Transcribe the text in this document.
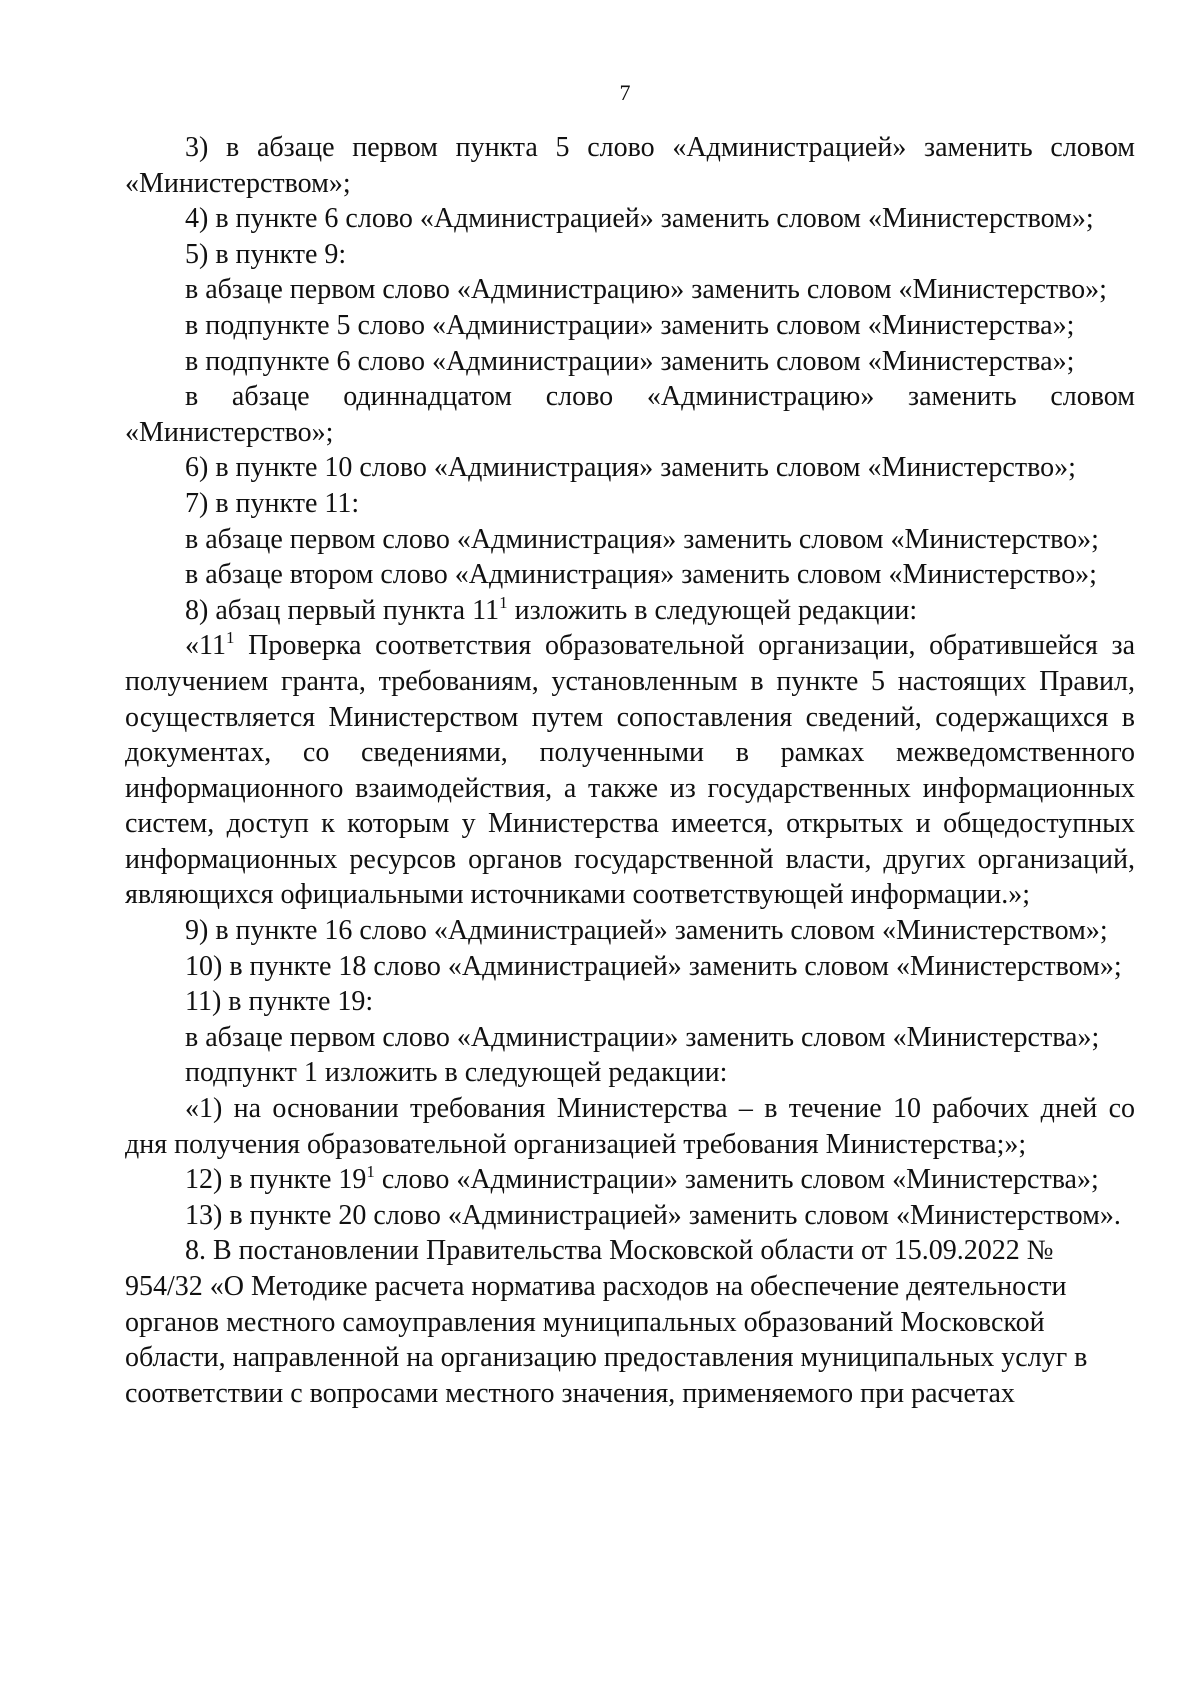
7

3) в абзаце первом пункта 5 слово «Администрацией» заменить словом «Министерством»;

4) в пункте 6 слово «Администрацией» заменить словом «Министерством»;

5) в пункте 9:

в абзаце первом слово «Администрацию» заменить словом «Министерство»;

в подпункте 5 слово «Администрации» заменить словом «Министерства»;

в подпункте 6 слово «Администрации» заменить словом «Министерства»;

в абзаце одиннадцатом слово «Администрацию» заменить словом «Министерство»;

6) в пункте 10 слово «Администрация» заменить словом «Министерство»;

7) в пункте 11:

в абзаце первом слово «Администрация» заменить словом «Министерство»;

в абзаце втором слово «Администрация» заменить словом «Министерство»;

8) абзац первый пункта $11^1$ изложить в следующей редакции:

«$11^1$ Проверка соответствия образовательной организации, обратившейся за получением гранта, требованиям, установленным в пункте 5 настоящих Правил, осуществляется Министерством путем сопоставления сведений, содержащихся в документах, со сведениями, полученными в рамках межведомственного информационного взаимодействия, а также из государственных информационных систем, доступ к которым у Министерства имеется, открытых и общедоступных информационных ресурсов органов государственной власти, других организаций, являющихся официальными источниками соответствующей информации.»;

9) в пункте 16 слово «Администрацией» заменить словом «Министерством»;

10) в пункте 18 слово «Администрацией» заменить словом «Министерством»;

11) в пункте 19:

в абзаце первом слово «Администрации» заменить словом «Министерства»;

подпункт 1 изложить в следующей редакции:

«1) на основании требования Министерства – в течение 10 рабочих дней со дня получения образовательной организацией требования Министерства;»;

12) в пункте $19^1$ слово «Администрации» заменить словом «Министерства»;

13) в пункте 20 слово «Администрацией» заменить словом «Министерством».

8. В постановлении Правительства Московской области от 15.09.2022 № 954/32 «О Методике расчета норматива расходов на обеспечение деятельности органов местного самоуправления муниципальных образований Московской области, направленной на организацию предоставления муниципальных услуг в соответствии с вопросами местного значения, применяемого при расчетах
